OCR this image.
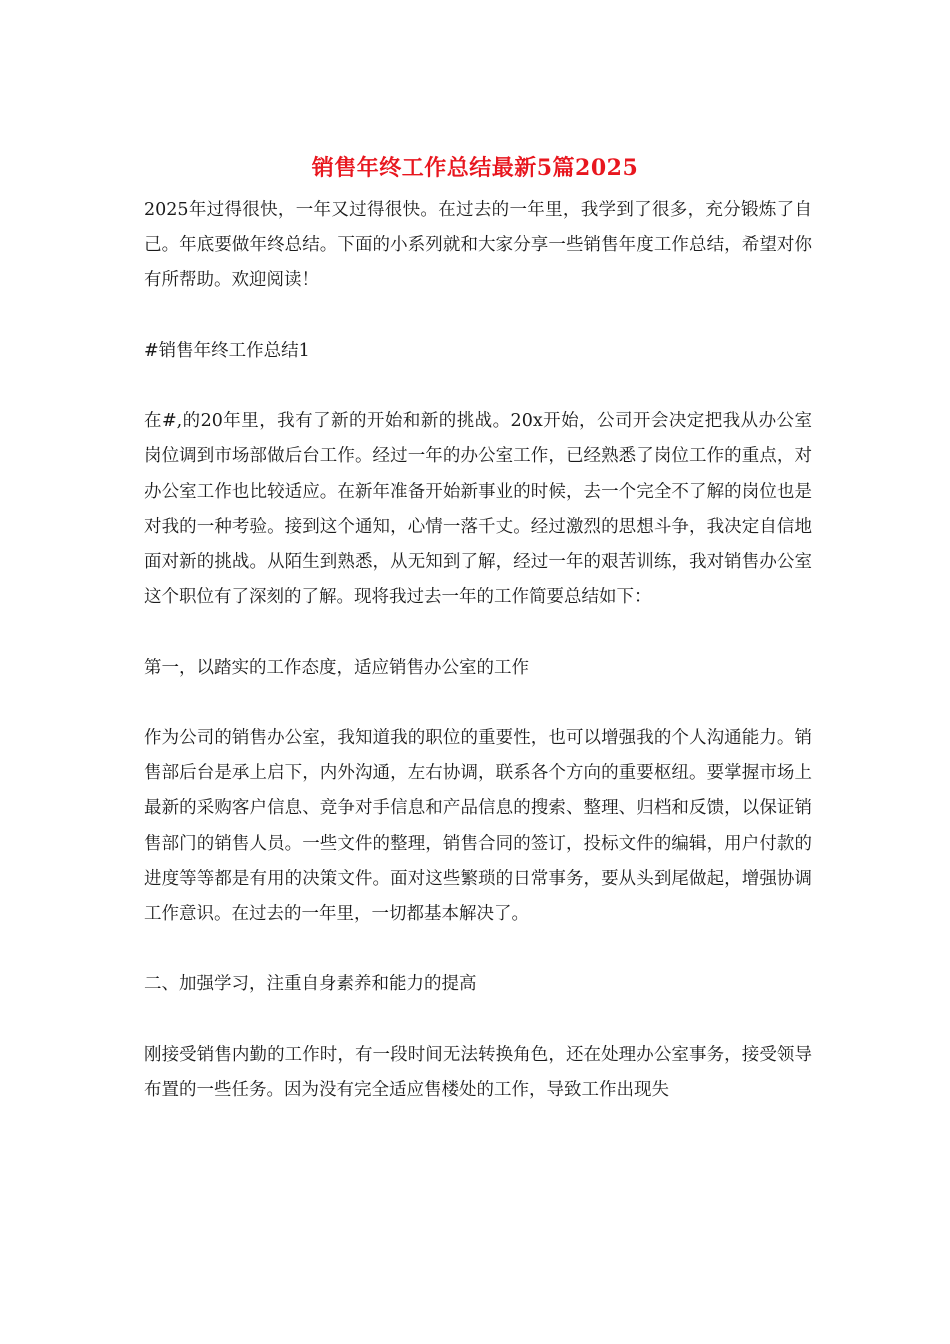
销售年终工作总结最新5篇2025

2025年过得很快，一年又过得很快。在过去的一年里，我学到了很多，充分锻炼了自己。年底要做年终总结。下面的小系列就和大家分享一些销售年度工作总结，希望对你有所帮助。欢迎阅读！

#销售年终工作总结1

在#,的20年里，我有了新的开始和新的挑战。20x开始，公司开会决定把我从办公室岗位调到市场部做后台工作。经过一年的办公室工作，已经熟悉了岗位工作的重点，对办公室工作也比较适应。在新年准备开始新事业的时候，去一个完全不了解的岗位也是对我的一种考验。接到这个通知，心情一落千丈。经过激烈的思想斗争，我决定自信地面对新的挑战。从陌生到熟悉，从无知到了解，经过一年的艰苦训练，我对销售办公室这个职位有了深刻的了解。现将我过去一年的工作简要总结如下：

第一，以踏实的工作态度，适应销售办公室的工作

作为公司的销售办公室，我知道我的职位的重要性，也可以增强我的个人沟通能力。销售部后台是承上启下，内外沟通，左右协调，联系各个方向的重要枢纽。要掌握市场上最新的采购客户信息、竞争对手信息和产品信息的搜索、整理、归档和反馈，以保证销售部门的销售人员。一些文件的整理，销售合同的签订，投标文件的编辑，用户付款的进度等等都是有用的决策文件。面对这些繁琐的日常事务，要从头到尾做起，增强协调工作意识。在过去的一年里，一切都基本解决了。

二、加强学习，注重自身素养和能力的提高

刚接受销售内勤的工作时，有一段时间无法转换角色，还在处理办公室事务，接受领导布置的一些任务。因为没有完全适应售楼处的工作，导致工作出现失
